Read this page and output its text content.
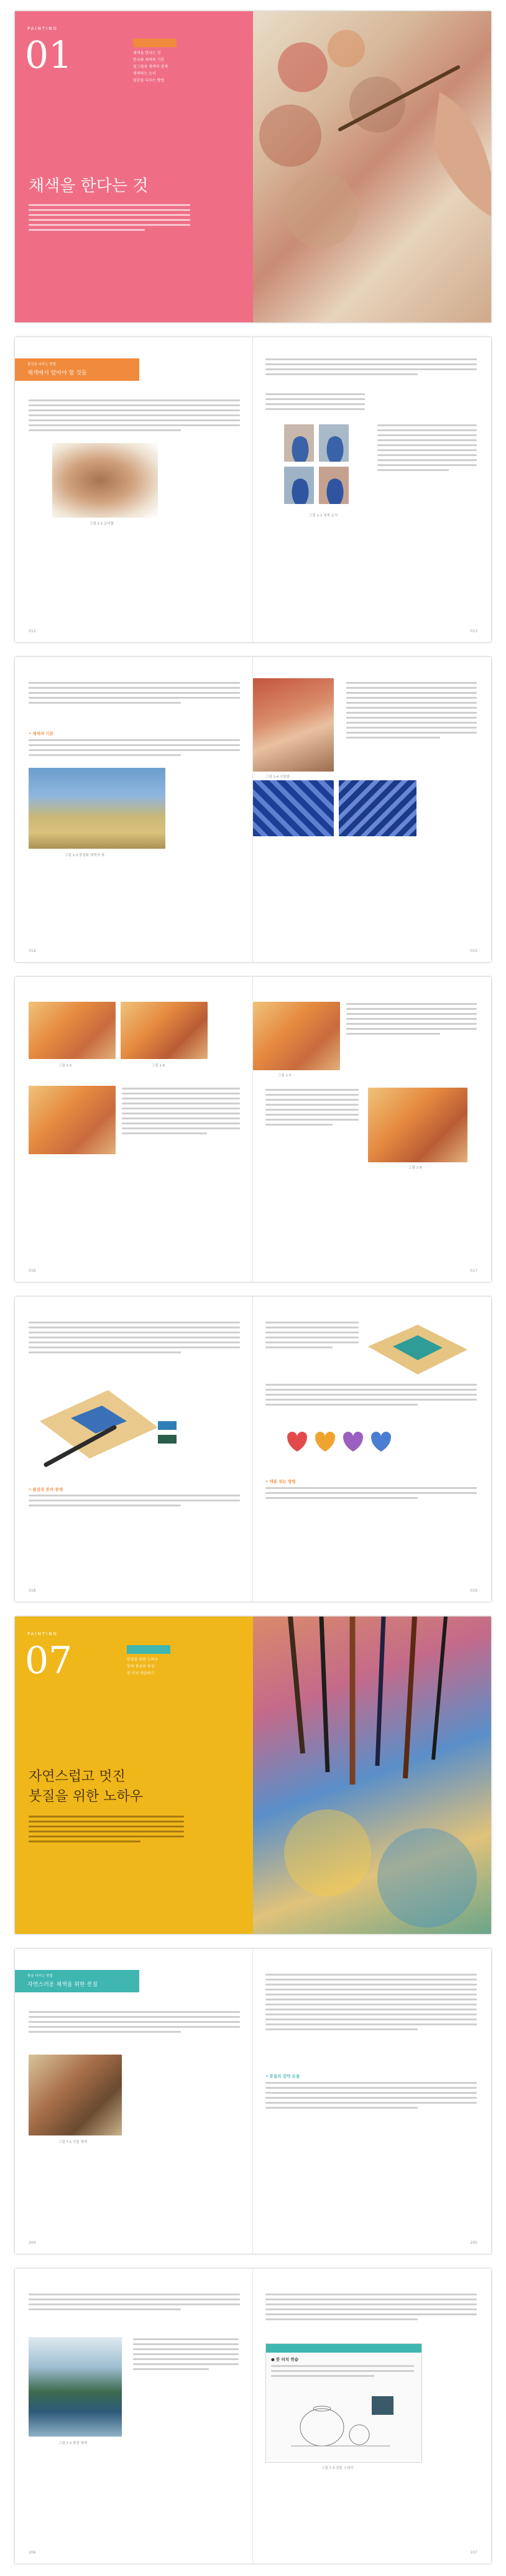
PAINTING
01	채색을 한다는 것
한국화 채색의 기본
밑그림과 채색의 관계
채색하는 순서
물감을 다루는 방법
채색을 한다는 것
물감을 다루는 방법
채색에서 알아야 할 것들
그림 1-1 준비물
012
그림 1-2 채색 순서
013
• 채색의 기본
그림 1-3 풍경화 채색의 예
014
그림 1-4 인물화
015
그림 1-5	그림 1-6
016
그림 1-7
그림 1-8
017
• 물감과 붓의 관계
018
• 색을 섞는 방법
019
PAINTING
07	붓질을 위한 노하우
붓의 종류와 특징
붓 터치 연습하기
자연스럽고 멋진
붓질을 위한 노하우
붓을 다루는 방법
자연스러운 채색을 위한 붓질
그림 7-1 인물 채색
204
• 붓질의 강약 조절
205
그림 7-2 풍경 채색
206
● 붓 터치 연습
그림 7-3 정물 스케치
207
